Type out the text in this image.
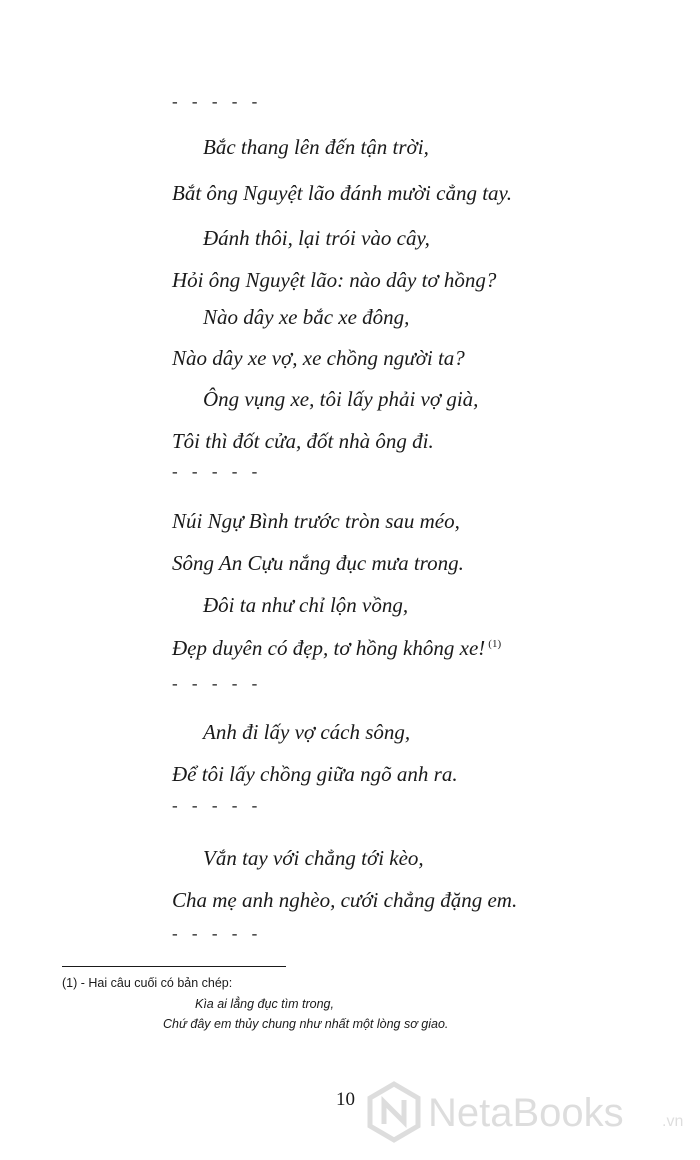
- - - - -
Bắc thang lên đến tận trời,
Bắt ông Nguyệt lão đánh mười cẳng tay.
Đánh thôi, lại trói vào cây,
Hỏi ông Nguyệt lão: nào dây tơ hồng?
Nào dây xe bắc xe đông,
Nào dây xe vợ, xe chồng người ta?
Ông vụng xe, tôi lấy phải vợ già,
Tôi thì đốt cửa, đốt nhà ông đi.
- - - - -
Núi Ngự Bình trước tròn sau méo,
Sông An Cựu nắng đục mưa trong.
Đôi ta như chỉ lộn vồng,
Đẹp duyên có đẹp, tơ hồng không xe! $^{(1)}$
- - - - -
Anh đi lấy vợ cách sông,
Để tôi lấy chồng giữa ngõ anh ra.
- - - - -
Vắn tay với chẳng tới kèo,
Cha mẹ anh nghèo, cưới chẳng đặng em.
- - - - -
(1) - Hai câu cuối có bản chép:
Kìa ai lẳng đục tìm trong,
Chứ đây em thủy chung như nhất một lòng sơ giao.
10 NetaBooks .vn
